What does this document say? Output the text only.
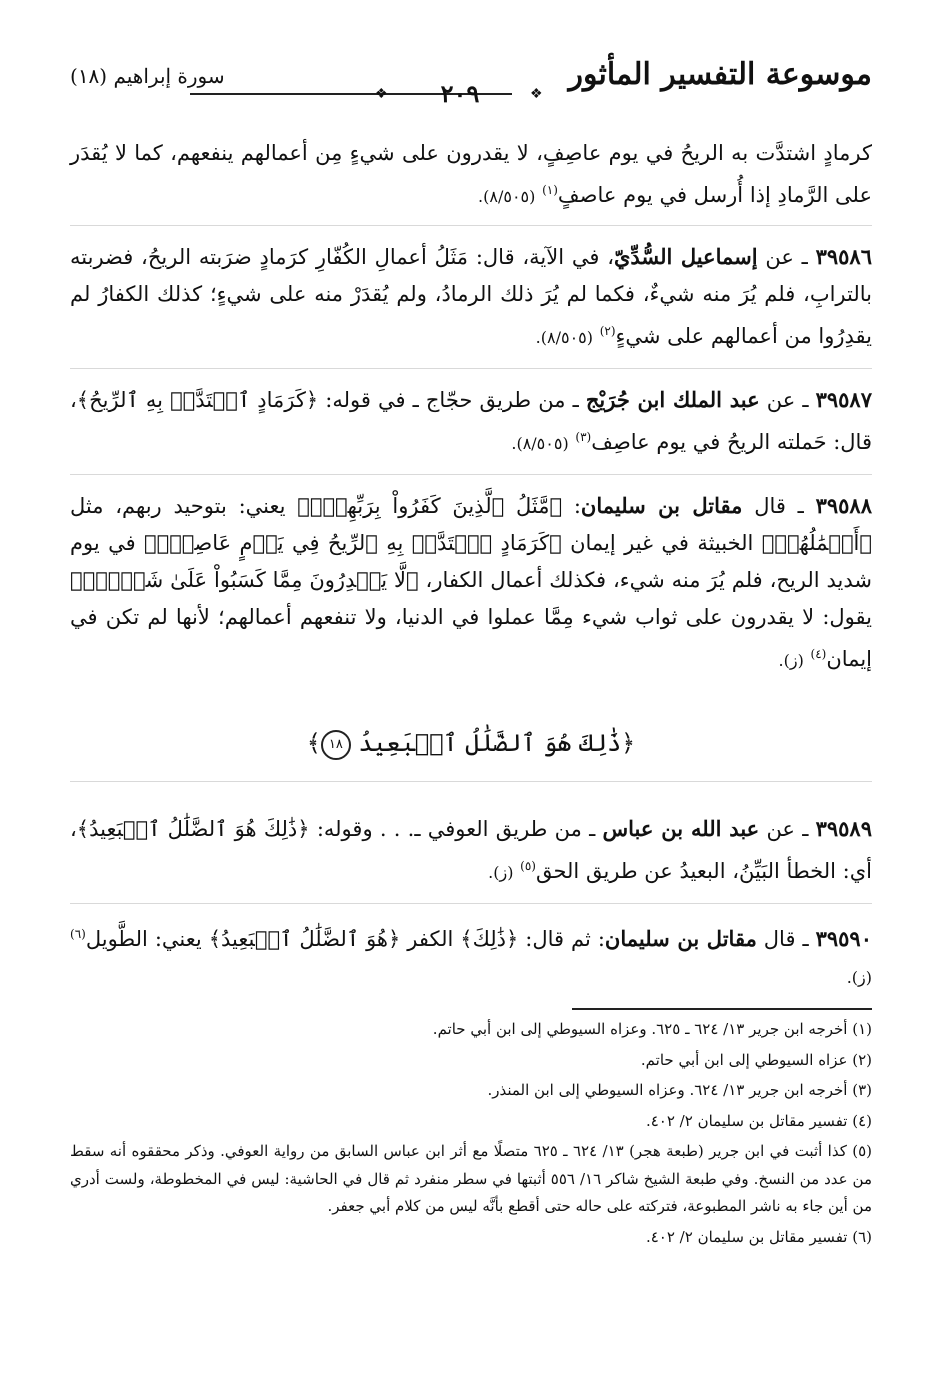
موسوعة التفسير المأثور
❖
٢٠٩
❖
سورة إبراهيم (١٨)

كرمادٍ اشتدَّت به الريحُ في يوم عاصِفٍ، لا يقدرون على شيءٍ مِن أعمالهم ينفعهم، كما لا يُقدَر على الرَّمادِ إذا أُرسل في يوم عاصفٍ$^{(١)}$ (٨/٥٠٥).

٣٩٥٨٦ ـ عن إسماعيل السُّدِّيّ، في الآية، قال: مَثَلُ أعمالِ الكُفّارِ كرَمادٍ ضرَبته الريحُ، فضربته بالترابِ، فلم يُرَ منه شيءٌ، فكما لم يُرَ ذلك الرمادُ، ولم يُقدَرْ منه على شيءٍ؛ كذلك الكفارُ لم يقدِرُوا من أعمالهم على شيءٍ$^{(٢)}$ (٨/٥٠٥).

٣٩٥٨٧ ـ عن عبد الملك ابن جُرَيْج ـ من طريق حجّاج ـ في قوله: ﴿كَرَمَادٍ ٱشۡتَدَّتۡ بِهِ ٱلرِّيحُ﴾، قال: حَملته الريحُ في يوم عاصِف$^{(٣)}$ (٨/٥٠٥).

٣٩٥٨٨ ـ قال مقاتل بن سليمان: ﴿مَّثَلُ ٱلَّذِينَ كَفَرُواْ بِرَبِّهِمۡۖ﴾ يعني: بتوحيد ربهم، مثل ﴿أَعۡمَٰلُهُمۡ﴾ الخبيثة في غير إيمان ﴿كَرَمَادٍ ٱشۡتَدَّتۡ بِهِ ٱلرِّيحُ فِي يَوۡمٍ عَاصِفٖۖ﴾ في يوم شديد الريح، فلم يُرَ منه شيء، فكذلك أعمال الكفار، ﴿لَّا يَقۡدِرُونَ مِمَّا كَسَبُواْ عَلَىٰ شَيۡءٖۚ﴾ يقول: لا يقدرون على ثواب شيء مِمَّا عملوا في الدنيا، ولا تنفعهم أعمالهم؛ لأنها لم تكن في إيمان$^{(٤)}$ (ز).

﴿ذَٰلِكَ هُوَ ٱلضَّلَٰلُ ٱلۡبَعِيدُ ١٨﴾

٣٩٥٨٩ ـ عن عبد الله بن عباس ـ من طريق العوفي ـ. . . وقوله: ﴿ذَٰلِكَ هُوَ ٱلضَّلَٰلُ ٱلۡبَعِيدُ﴾، أي: الخطأ البَيِّنُ، البعيدُ عن طريق الحق$^{(٥)}$ (ز).

٣٩٥٩٠ ـ قال مقاتل بن سليمان: ثم قال: ﴿ذَٰلِكَ﴾ الكفر ﴿هُوَ ٱلضَّلَٰلُ ٱلۡبَعِيدُ﴾ يعني: الطَّويل$^{(٦)}$ (ز).

(١) أخرجه ابن جرير ١٣/ ٦٢٤ ـ ٦٢٥. وعزاه السيوطي إلى ابن أبي حاتم.

(٢) عزاه السيوطي إلى ابن أبي حاتم.

(٣) أخرجه ابن جرير ١٣/ ٦٢٤. وعزاه السيوطي إلى ابن المنذر.

(٤) تفسير مقاتل بن سليمان ٢/ ٤٠٢.

(٥) كذا أثبت في ابن جرير (طبعة هجر) ١٣/ ٦٢٤ ـ ٦٢٥ متصلًا مع أثر ابن عباس السابق من رواية العوفي. وذكر محققوه أنه سقط من عدد من النسخ. وفي طبعة الشيخ شاكر ١٦/ ٥٥٦ أثبتها في سطر منفرد ثم قال في الحاشية: ليس في المخطوطة، ولست أدري من أين جاء به ناشر المطبوعة، فتركته على حاله حتى أقطع بأنَّه ليس من كلام أبي جعفر.

(٦) تفسير مقاتل بن سليمان ٢/ ٤٠٢.
